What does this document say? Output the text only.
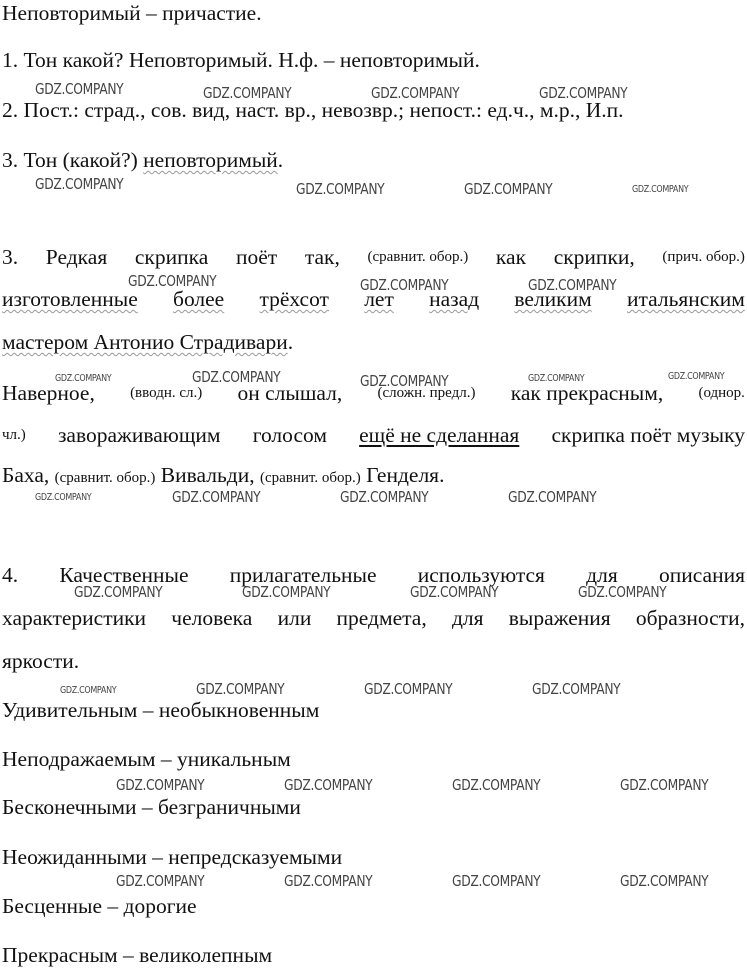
Неповторимый – причастие.
1. Тон какой? Неповторимый. Н.ф. – неповторимый.
2. Пост.: страд., сов. вид, наст. вр., невозвр.; непост.: ед.ч., м.р., И.п.
3. Тон (какой?) неповторимый.
3. Редкая скрипка поёт так, (сравнит. обор.) как скрипки, (прич. обор.)
изготовленные более трёхсот лет назад великим итальянским
мастером Антонио Страдивари.
Наверное, (вводн. сл.) он слышал, (сложн. предл.) как прекрасным, (однор.
чл.) завораживающим голосом ещё не сделанная скрипка поёт музыку
Баха, (сравнит. обор.) Вивальди, (сравнит. обор.) Генделя.
4. Качественные прилагательные используются для описания
характеристики человека или предмета, для выражения образности,
яркости.
Удивительным – необыкновенным
Неподражаемым – уникальным
Бесконечными – безграничными
Неожиданными – непредсказуемыми
Бесценные – дорогие
Прекрасным – великолепным
GDZ.COMPANY	GDZ.COMPANY	GDZ.COMPANY	GDZ.COMPANY
GDZ.COMPANY	GDZ.COMPANY	GDZ.COMPANY	GDZ.COMPANY
GDZ.COMPANY	GDZ.COMPANY	GDZ.COMPANY
GDZ.COMPANY	GDZ.COMPANY	GDZ.COMPANY	GDZ.COMPANY	GDZ.COMPANY
GDZ.COMPANY	GDZ.COMPANY	GDZ.COMPANY	GDZ.COMPANY
GDZ.COMPANY	GDZ.COMPANY	GDZ.COMPANY	GDZ.COMPANY
GDZ.COMPANY	GDZ.COMPANY	GDZ.COMPANY	GDZ.COMPANY
GDZ.COMPANY	GDZ.COMPANY	GDZ.COMPANY	GDZ.COMPANY
GDZ.COMPANY	GDZ.COMPANY	GDZ.COMPANY	GDZ.COMPANY
